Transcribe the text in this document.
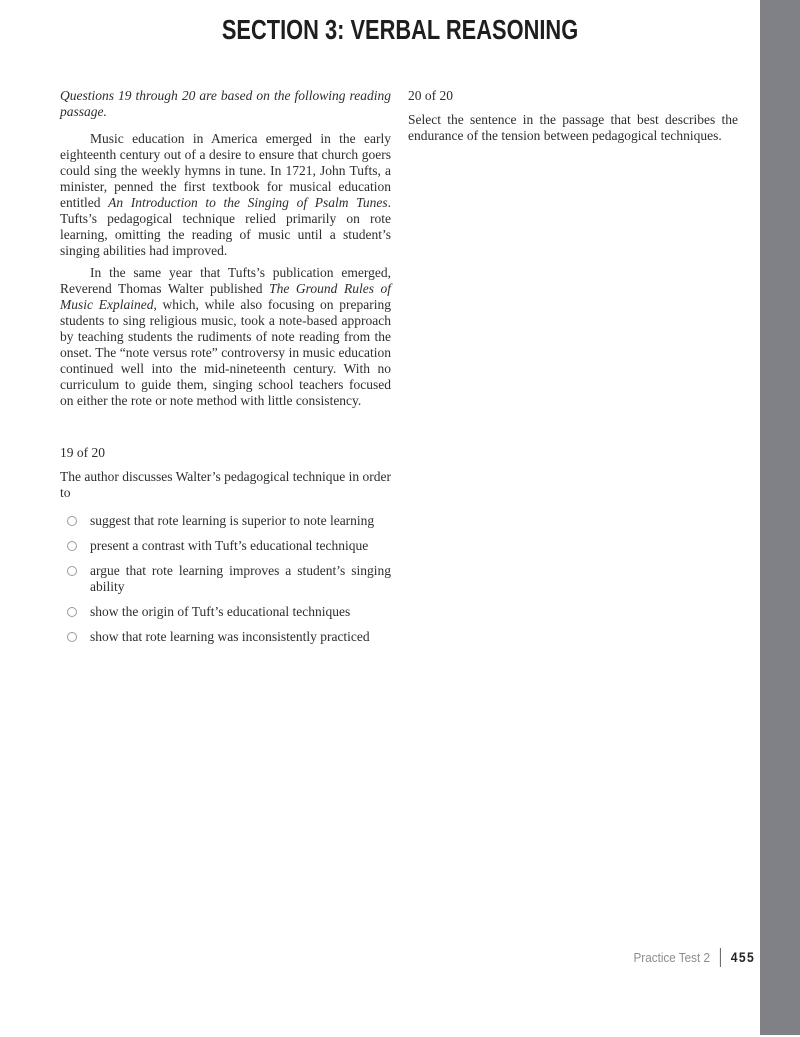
SECTION 3: VERBAL REASONING

Questions 19 through 20 are based on the following reading passage.

Music education in America emerged in the early eighteenth century out of a desire to ensure that church goers could sing the weekly hymns in tune. In 1721, John Tufts, a minister, penned the first textbook for musical education entitled An Introduction to the Singing of Psalm Tunes. Tufts’s pedagogical technique relied primarily on rote learning, omitting the reading of music until a student’s singing abilities had improved.

In the same year that Tufts’s publication emerged, Reverend Thomas Walter published The Ground Rules of Music Explained, which, while also focusing on preparing students to sing religious music, took a note-based approach by teaching students the rudiments of note reading from the onset. The “note versus rote” controversy in music education continued well into the mid-nineteenth century. With no curriculum to guide them, singing school teachers focused on either the rote or note method with little consistency.

19 of 20

The author discusses Walter’s pedagogical technique in order to

suggest that rote learning is superior to note learning
present a contrast with Tuft’s educational technique
argue that rote learning improves a student’s singing ability
show the origin of Tuft’s educational techniques
show that rote learning was inconsistently practiced

20 of 20

Select the sentence in the passage that best describes the endurance of the tension between pedagogical techniques.

Practice Test 2 455
